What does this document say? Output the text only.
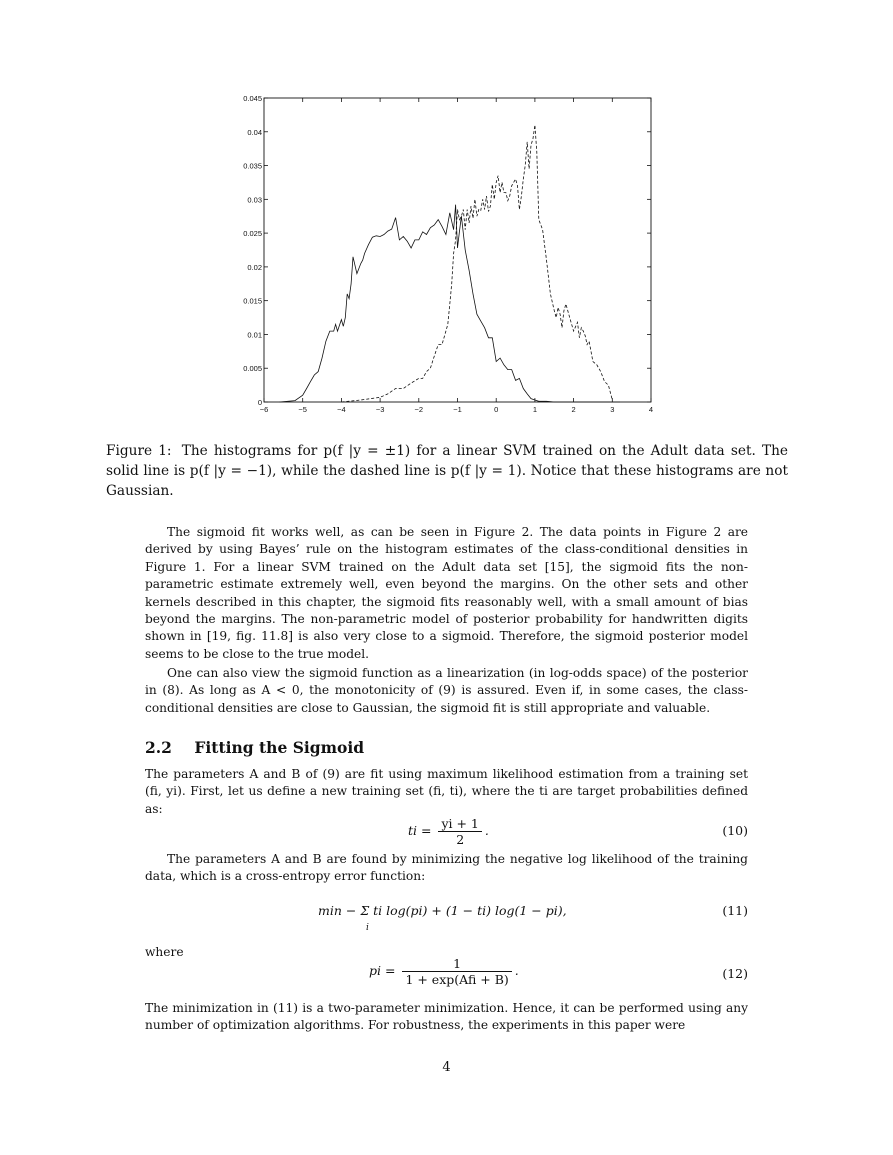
−6	−5	−4	−3	−2	−1	0	1	2	3	4
0
0.005
0.01
0.015
0.02
0.025
0.03
0.035
0.04
0.045
Figure 1: The histograms for p(f |y = ±1) for a linear SVM trained on the Adult data set. The solid line is p(f |y = −1), while the dashed line is p(f |y = 1). Notice that these histograms are not Gaussian.
The sigmoid fit works well, as can be seen in Figure 2. The data points in Figure 2 are derived by using Bayes’ rule on the histogram estimates of the class-conditional densities in Figure 1. For a linear SVM trained on the Adult data set [15], the sigmoid fits the non-parametric estimate extremely well, even beyond the margins. On the other sets and other kernels described in this chapter, the sigmoid fits reasonably well, with a small amount of bias beyond the margins. The non-parametric model of posterior probability for handwritten digits shown in [19, fig. 11.8] is also very close to a sigmoid. Therefore, the sigmoid posterior model seems to be close to the true model.
One can also view the sigmoid function as a linearization (in log-odds space) of the posterior in (8). As long as A < 0, the monotonicity of (9) is assured. Even if, in some cases, the class-conditional densities are close to Gaussian, the sigmoid fit is still appropriate and valuable.
2.2 Fitting the Sigmoid
The parameters A and B of (9) are fit using maximum likelihood estimation from a training set (fi, yi). First, let us define a new training set (fi, ti), where the ti are target probabilities defined as:
ti = $\frac{yi + 1}{2}$ .	(10)
The parameters A and B are found by minimizing the negative log likelihood of the training data, which is a cross-entropy error function:
min − Σ ti log(pi) + (1 − ti) log(1 − pi),
i
(11)
where
pi = $\frac{1}{\text{1 + exp(Afi + B)}}$ .	(12)
The minimization in (11) is a two-parameter minimization. Hence, it can be performed using any number of optimization algorithms. For robustness, the experiments in this paper were
4
